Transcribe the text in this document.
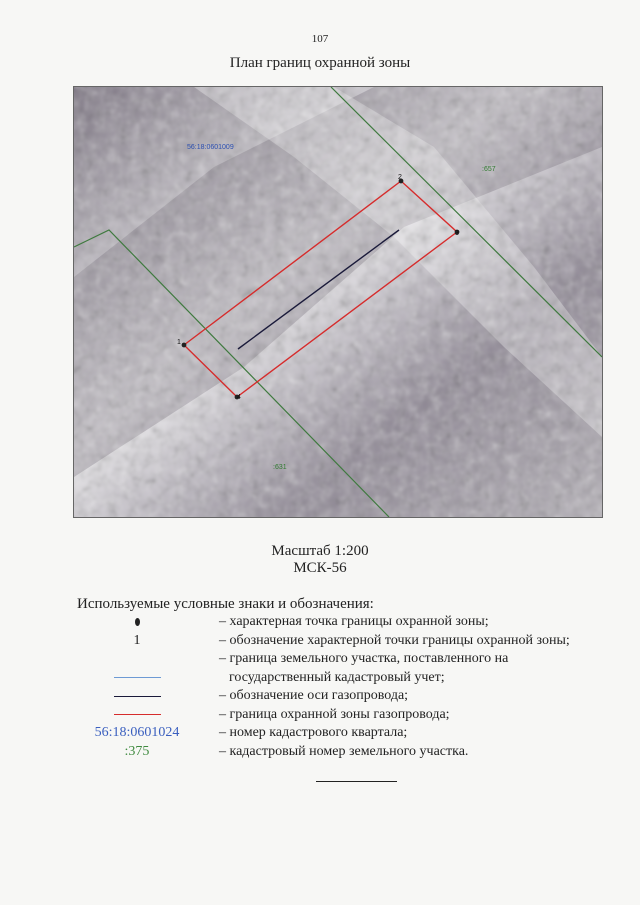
107
План границ охранной зоны
1
2
3
4
56:18:0601009
:657
:631
Масштаб 1:200
МСК-56
Используемые условные знаки и обозначения:
– характерная точка границы охранной зоны;
1	– обозначение характерной точки границы охранной зоны;
– граница земельного участка, поставленного на
государственный кадастровый учет;
– обозначение оси газопровода;
– граница охранной зоны газопровода;
56:18:0601024	– номер кадастрового квартала;
:375	– кадастровый номер земельного участка.
